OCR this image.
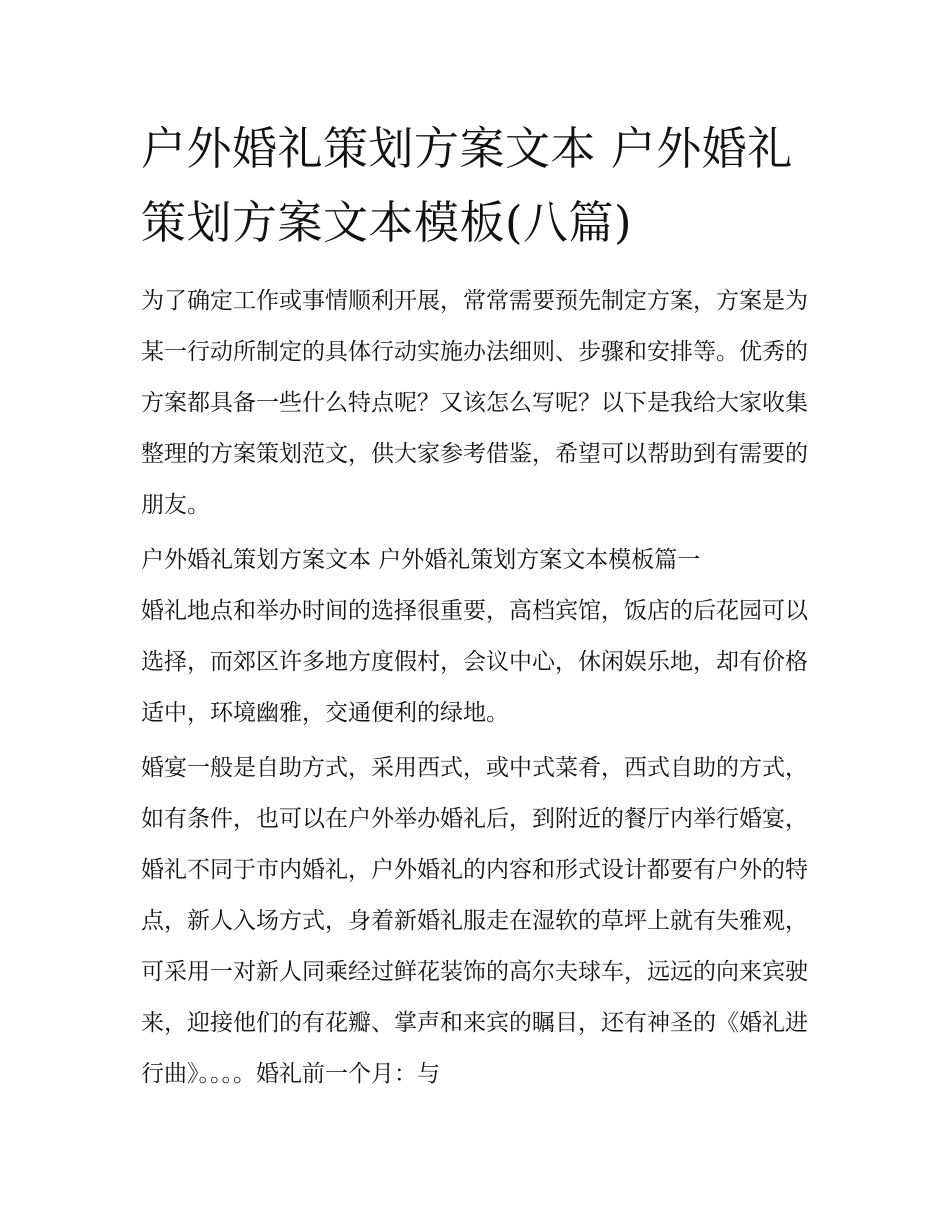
户外婚礼策划方案文本 户外婚礼策划方案文本模板(八篇)

为了确定工作或事情顺利开展，常常需要预先制定方案，方案是为某一行动所制定的具体行动实施办法细则、步骤和安排等。优秀的方案都具备一些什么特点呢？又该怎么写呢？以下是我给大家收集整理的方案策划范文，供大家参考借鉴，希望可以帮助到有需要的朋友。

户外婚礼策划方案文本 户外婚礼策划方案文本模板篇一

婚礼地点和举办时间的选择很重要，高档宾馆，饭店的后花园可以选择，而郊区许多地方度假村，会议中心，休闲娱乐地，却有价格适中，环境幽雅，交通便利的绿地。

婚宴一般是自助方式，采用西式，或中式菜肴，西式自助的方式，如有条件，也可以在户外举办婚礼后，到附近的餐厅内举行婚宴，婚礼不同于市内婚礼，户外婚礼的内容和形式设计都要有户外的特点，新人入场方式，身着新婚礼服走在湿软的草坪上就有失雅观，可采用一对新人同乘经过鲜花装饰的高尔夫球车，远远的向来宾驶来，迎接他们的有花瓣、掌声和来宾的瞩目，还有神圣的《婚礼进行曲》。。。。婚礼前一个月：与
